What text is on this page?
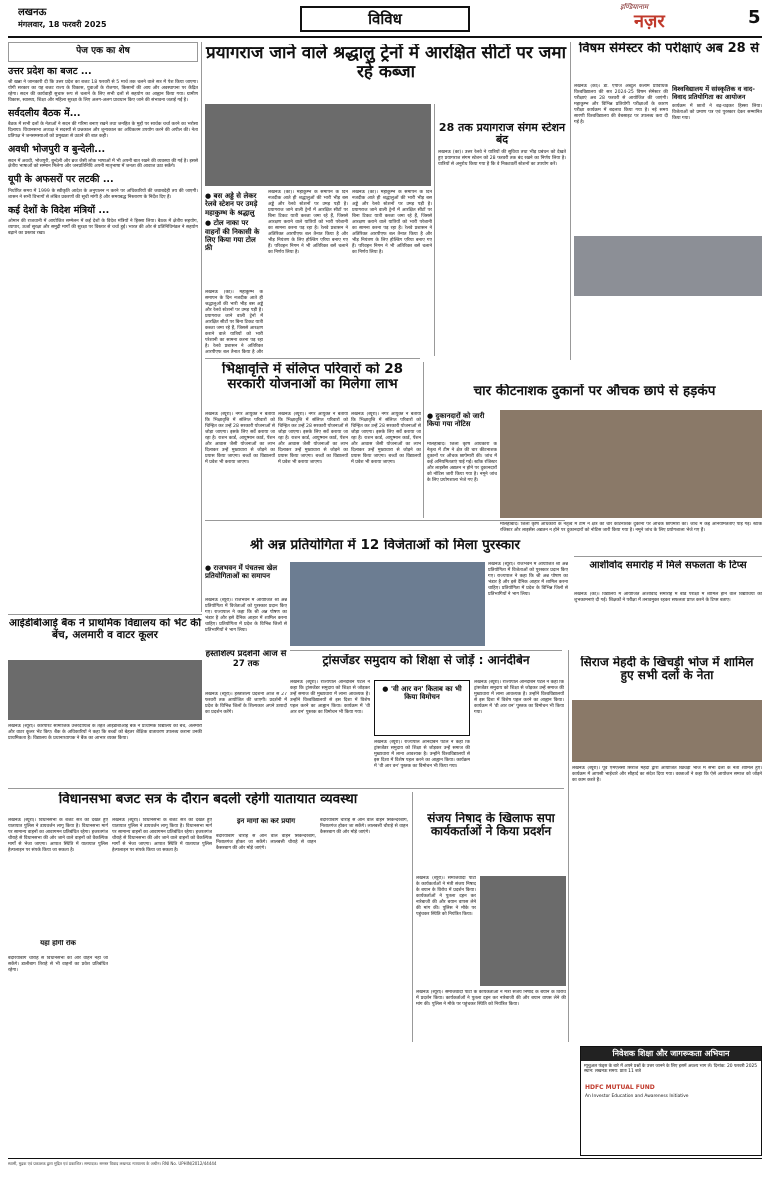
लखनऊ
मंगलवार, 18 फरवरी 2025	विविध
इण्डियानाम
नज़र	5
पेज एक का शेष
उत्तर प्रदेश का बजट ...
श्री खन्ना ने जानकारी दी कि उत्तर प्रदेश का बजट 18 फरवरी से 5 मार्च तक चलने वाले सत्र में पेश किया जाएगा। योगी सरकार का यह बजट राज्य के विकास, युवाओं के रोजगार, किसानों की आय और अवस्थापना पर केंद्रित रहेगा। सदन की कार्यवाही सुचारु रूप से चलाने के लिए सभी दलों से सहयोग का आह्वान किया गया। ग्रामीण विकास, स्वास्थ्य, शिक्षा और महिला सुरक्षा के लिए अलग-अलग प्रावधान किए जाने की संभावना जताई गई है।
सर्वदलीय बैठक में...
बैठक में सभी दलों के नेताओं ने सदन की गरिमा बनाए रखने तथा जनहित के मुद्दों पर सार्थक चर्चा करने का भरोसा दिलाया। विधानसभा अध्यक्ष ने सदस्यों से प्रश्नकाल और शून्यकाल का अधिकतम उपयोग करने की अपील की। नेता प्रतिपक्ष ने जनसमस्याओं को प्रमुखता से उठाने की बात कही।
अवधी भोजपुरी व बुन्देली...
सदन में अवधी, भोजपुरी, बुन्देली और ब्रज जैसी लोक भाषाओं में भी अपनी बात रखने की व्यवस्था की गई है। इससे क्षेत्रीय भाषाओं को सम्मान मिलेगा और जनप्रतिनिधि अपनी मातृभाषा में जनता की आवाज उठा सकेंगे।
यूपी के अफसरों पर लटकी ...
निर्धारित समय में 1999 के स्वीकृति आदेश के अनुपालन न करने पर अधिकारियों की जवाबदेही तय की जाएगी। शासन ने सभी विभागों से लंबित प्रकरणों की सूची मांगी है और समयबद्ध निस्तारण के निर्देश दिए हैं।
कई देशों के विदेश मंत्रियों ...
ओमान की राजधानी में आयोजित सम्मेलन में कई देशों के विदेश मंत्रियों ने हिस्सा लिया। बैठक में क्षेत्रीय सहयोग, व्यापार, ऊर्जा सुरक्षा और समुद्री मार्गों की सुरक्षा पर विस्तार से चर्चा हुई। भारत की ओर से प्रतिनिधिमंडल ने सहयोग बढ़ाने का प्रस्ताव रखा।
प्रयागराज जाने वाले श्रद्धालु ट्रेनों में आरक्षित सीटों पर जमा रहे कब्जा
● बस अड्डे से लेकर रेलवे स्टेशन पर उमड़े महाकुम्भ के श्रद्धालु
● टोल नाका पर वाहनों की निकासी के लिए किया गया टोल फ्री
लखनऊ (का)। महाकुम्भ के समापन के दिन नजदीक आते ही श्रद्धालुओं की भारी भीड़ बस अड्डे और रेलवे स्टेशनों पर उमड़ पड़ी है। प्रयागराज जाने वाली ट्रेनों में आरक्षित सीटों पर बिना टिकट यात्री कब्जा जमा रहे हैं, जिससे आरक्षण कराने वाले यात्रियों को भारी परेशानी का सामना करना पड़ रहा है। रेलवे प्रशासन ने अतिरिक्त आरपीएफ बल तैनात किया है और
लखनऊ (का)। महाकुम्भ के समापन के दिन नजदीक आते ही श्रद्धालुओं की भारी भीड़ बस अड्डे और रेलवे स्टेशनों पर उमड़ पड़ी है। प्रयागराज जाने वाली ट्रेनों में आरक्षित सीटों पर बिना टिकट यात्री कब्जा जमा रहे हैं, जिससे आरक्षण कराने वाले यात्रियों को भारी परेशानी का सामना करना पड़ रहा है। रेलवे प्रशासन ने अतिरिक्त आरपीएफ बल तैनात किया है और भीड़ नियंत्रण के लिए होल्डिंग एरिया बनाए गए हैं। परिवहन निगम ने भी अतिरिक्त बसें चलाने का निर्णय लिया है।
लखनऊ (का)। महाकुम्भ के समापन के दिन नजदीक आते ही श्रद्धालुओं की भारी भीड़ बस अड्डे और रेलवे स्टेशनों पर उमड़ पड़ी है। प्रयागराज जाने वाली ट्रेनों में आरक्षित सीटों पर बिना टिकट यात्री कब्जा जमा रहे हैं, जिससे आरक्षण कराने वाले यात्रियों को भारी परेशानी का सामना करना पड़ रहा है। रेलवे प्रशासन ने अतिरिक्त आरपीएफ बल तैनात किया है और भीड़ नियंत्रण के लिए होल्डिंग एरिया बनाए गए हैं। परिवहन निगम ने भी अतिरिक्त बसें चलाने का निर्णय लिया है।
28 तक प्रयागराज संगम स्टेशन बंद
लखनऊ (का)। उत्तर रेलवे ने यात्रियों की सुविधा तथा भीड़ प्रबंधन को देखते हुए प्रयागराज संगम स्टेशन को 28 फरवरी तक बंद रखने का निर्णय लिया है। यात्रियों से अनुरोध किया गया है कि वे निकटवर्ती स्टेशनों का उपयोग करें।
विषम सेमेस्टर की परीक्षाएं अब 28 से
लखनऊ (का)। डॉ. एपीजे अब्दुल कलाम प्राविधिक विश्वविद्यालय की सत्र 2024-25 विषम सेमेस्टर की परीक्षाएं अब 28 फरवरी से आयोजित की जाएंगी। महाकुम्भ और विभिन्न प्रतियोगी परीक्षाओं के कारण परीक्षा कार्यक्रम में बदलाव किया गया है। नई समय सारणी विश्वविद्यालय की वेबसाइट पर उपलब्ध करा दी गई है।
विश्वविद्यालय में सांस्कृतिक व वाद-विवाद प्रतियोगिता का आयोजन
कार्यक्रम में छात्रों ने बढ़-चढ़कर हिस्सा लिया। विजेताओं को प्रमाण पत्र एवं पुरस्कार देकर सम्मानित किया गया।
भिक्षावृत्ति में संलिप्त परिवारों को 28 सरकारी योजनाओं का मिलेगा लाभ
लखनऊ (ब्यूरो)। नगर आयुक्त ने बताया कि भिक्षावृत्ति में संलिप्त परिवारों को चिन्हित कर उन्हें 28 सरकारी योजनाओं से जोड़ा जाएगा। इसके लिए सर्वे कराया जा रहा है। राशन कार्ड, आयुष्मान कार्ड, पेंशन और आवास जैसी योजनाओं का लाभ दिलाकर उन्हें मुख्यधारा से जोड़ने का प्रयास किया जाएगा। बच्चों का विद्यालयों में प्रवेश भी कराया जाएगा।
लखनऊ (ब्यूरो)। नगर आयुक्त ने बताया कि भिक्षावृत्ति में संलिप्त परिवारों को चिन्हित कर उन्हें 28 सरकारी योजनाओं से जोड़ा जाएगा। इसके लिए सर्वे कराया जा रहा है। राशन कार्ड, आयुष्मान कार्ड, पेंशन और आवास जैसी योजनाओं का लाभ दिलाकर उन्हें मुख्यधारा से जोड़ने का प्रयास किया जाएगा। बच्चों का विद्यालयों में प्रवेश भी कराया जाएगा।
लखनऊ (ब्यूरो)। नगर आयुक्त ने बताया कि भिक्षावृत्ति में संलिप्त परिवारों को चिन्हित कर उन्हें 28 सरकारी योजनाओं से जोड़ा जाएगा। इसके लिए सर्वे कराया जा रहा है। राशन कार्ड, आयुष्मान कार्ड, पेंशन और आवास जैसी योजनाओं का लाभ दिलाकर उन्हें मुख्यधारा से जोड़ने का प्रयास किया जाएगा। बच्चों का विद्यालयों में प्रवेश भी कराया जाएगा।
चार कीटनाशक दुकानों पर औचक छापे से हड़कंप
● दुकानदारों को जारी किया गया नोटिस
मलिहाबाद। जिला कृषि अधिकारी के नेतृत्व में टीम ने क्षेत्र की चार कीटनाशक दुकानों पर औचक छापेमारी की। जांच में कई अनियमितताएं पाई गईं। स्टॉक रजिस्टर और लाइसेंस अद्यतन न होने पर दुकानदारों को नोटिस जारी किया गया है। नमूने जांच के लिए प्रयोगशाला भेजे गए हैं।
मलिहाबाद। जिला कृषि अधिकारी के नेतृत्व में टीम ने क्षेत्र की चार कीटनाशक दुकानों पर औचक छापेमारी की। जांच में कई अनियमितताएं पाई गईं। स्टॉक रजिस्टर और लाइसेंस अद्यतन न होने पर दुकानदारों को नोटिस जारी किया गया है। नमूने जांच के लिए प्रयोगशाला भेजे गए हैं।
आशीर्वाद समारोह में मिले सफलता के टिप्स
लखनऊ (का)। विद्यालय में आयोजित आशीर्वाद समारोह में बोर्ड परीक्षा में शामिल होने वाले विद्यार्थियों को शुभकामनाएं दी गईं। शिक्षकों ने परीक्षा में तनावमुक्त रहकर सफलता प्राप्त करने के टिप्स बताए।
श्री अन्न प्रतियोगिता में 12 विजेताओं को मिला पुरस्कार
● राजभवन में पंचतत्त्व खेल प्रतियोगिताओं का समापन
लखनऊ (ब्यूरो)। राजभवन में आयोजित श्री अन्न प्रतियोगिता में विजेताओं को पुरस्कार प्रदान किए गए। राज्यपाल ने कहा कि श्री अन्न पोषण का भंडार है और इसे दैनिक आहार में शामिल करना चाहिए। प्रतियोगिता में प्रदेश के विभिन्न जिलों से प्रतिभागियों ने भाग लिया।
लखनऊ (ब्यूरो)। राजभवन में आयोजित श्री अन्न प्रतियोगिता में विजेताओं को पुरस्कार प्रदान किए गए। राज्यपाल ने कहा कि श्री अन्न पोषण का भंडार है और इसे दैनिक आहार में शामिल करना चाहिए। प्रतियोगिता में प्रदेश के विभिन्न जिलों से प्रतिभागियों ने भाग लिया।
हस्तशिल्प प्रदर्शनी आज से 27 तक
लखनऊ (ब्यूरो)। हस्तशिल्प प्रदर्शनी आज से 27 फरवरी तक आयोजित की जाएगी। प्रदर्शनी में प्रदेश के विभिन्न जिलों के शिल्पकार अपने उत्पादों का प्रदर्शन करेंगे।
आईडीबीआई बैंक ने प्राथमिक विद्यालय को भेंट की बेंच, अलमारी व वाटर कूलर
लखनऊ (ब्यूरो)। कारपोरेट सामाजिक उत्तरदायित्व के तहत आईडीबीआई बैंक ने प्राथमिक विद्यालय को बेंच, अलमारी और वाटर कूलर भेंट किए। बैंक के अधिकारियों ने कहा कि बच्चों को बेहतर शैक्षिक वातावरण उपलब्ध कराना उनकी प्राथमिकता है। विद्यालय के प्रधानाध्यापक ने बैंक का आभार व्यक्त किया।
ट्रांसजेंडर समुदाय को शिक्षा से जोड़ें : आनंदीबेन
लखनऊ (ब्यूरो)। राज्यपाल आनंदीबेन पटेल ने कहा कि ट्रांसजेंडर समुदाय को शिक्षा से जोड़कर उन्हें समाज की मुख्यधारा में लाना आवश्यक है। उन्होंने विश्वविद्यालयों से इस दिशा में विशेष पहल करने का आह्वान किया। कार्यक्रम में 'वी आर वन' पुस्तक का विमोचन भी किया गया।
● 'वी आर वन' किताब का भी किया विमोचन
लखनऊ (ब्यूरो)। राज्यपाल आनंदीबेन पटेल ने कहा कि ट्रांसजेंडर समुदाय को शिक्षा से जोड़कर उन्हें समाज की मुख्यधारा में लाना आवश्यक है। उन्होंने विश्वविद्यालयों से इस दिशा में विशेष पहल करने का आह्वान किया। कार्यक्रम में 'वी आर वन' पुस्तक का विमोचन भी किया गया।
लखनऊ (ब्यूरो)। राज्यपाल आनंदीबेन पटेल ने कहा कि ट्रांसजेंडर समुदाय को शिक्षा से जोड़कर उन्हें समाज की मुख्यधारा में लाना आवश्यक है। उन्होंने विश्वविद्यालयों से इस दिशा में विशेष पहल करने का आह्वान किया। कार्यक्रम में 'वी आर वन' पुस्तक का विमोचन भी किया गया।
सिराज मेहदी के खिचड़ी भोज में शामिल हुए सभी दलों के नेता
लखनऊ (ब्यूरो)। पूर्व एमएलसी सिराज मेहदी द्वारा आयोजित खिचड़ी भोज में सभी दलों के नेता शामिल हुए। कार्यक्रम में आपसी भाईचारे और सौहार्द का संदेश दिया गया। वक्ताओं ने कहा कि ऐसे आयोजन समाज को जोड़ने का काम करते हैं।
विधानसभा बजट सत्र के दौरान बदली रहेगी यातायात व्यवस्था
लखनऊ (ब्यूरो)। विधानसभा के बजट सत्र को देखते हुए यातायात पुलिस ने डायवर्जन लागू किया है। विधानसभा मार्ग पर सामान्य वाहनों का आवागमन प्रतिबंधित रहेगा। हजरतगंज चौराहे से विधानसभा की ओर जाने वाले वाहनों को वैकल्पिक मार्गों से भेजा जाएगा। आपात स्थिति में यातायात पुलिस हेल्पलाइन पर संपर्क किया जा सकता है।
यहां होगी रोक
बंदरियाबाग चौराहे से विधानसभा की ओर वाहन नहीं जा सकेंगे। डालीबाग तिराहे से भी वाहनों का प्रवेश प्रतिबंधित रहेगा।
लखनऊ (ब्यूरो)। विधानसभा के बजट सत्र को देखते हुए यातायात पुलिस ने डायवर्जन लागू किया है। विधानसभा मार्ग पर सामान्य वाहनों का आवागमन प्रतिबंधित रहेगा। हजरतगंज चौराहे से विधानसभा की ओर जाने वाले वाहनों को वैकल्पिक मार्गों से भेजा जाएगा। आपात स्थिति में यातायात पुलिस हेल्पलाइन पर संपर्क किया जा सकता है।
इन मार्गों का करें प्रयोग
बंदरियाबाग चौराहे से आने वाले वाहन सिकन्दरबाग, निशातगंज होकर जा सकेंगे। लालबत्ती चौराहे से वाहन कैसरबाग की ओर मोड़े जाएंगे।
बंदरियाबाग चौराहे से आने वाले वाहन सिकन्दरबाग, निशातगंज होकर जा सकेंगे। लालबत्ती चौराहे से वाहन कैसरबाग की ओर मोड़े जाएंगे।
संजय निषाद के खिलाफ सपा कार्यकर्ताओं ने किया प्रदर्शन
लखनऊ (ब्यूरो)। समाजवादी पार्टी के कार्यकर्ताओं ने मंत्री संजय निषाद के बयान के विरोध में प्रदर्शन किया। कार्यकर्ताओं ने पुतला दहन कर नारेबाजी की और बयान वापस लेने की मांग की। पुलिस ने मौके पर पहुंचकर स्थिति को नियंत्रित किया।
लखनऊ (ब्यूरो)। समाजवादी पार्टी के कार्यकर्ताओं ने मंत्री संजय निषाद के बयान के विरोध में प्रदर्शन किया। कार्यकर्ताओं ने पुतला दहन कर नारेबाजी की और बयान वापस लेने की मांग की। पुलिस ने मौके पर पहुंचकर स्थिति को नियंत्रित किया।
निवेशक शिक्षा और जागरूकता अभियान
म्यूचुअल फंड्स के बारे में अपने प्रश्नों के उत्तर जानने के लिए इसमें अवश्य भाग लें। दिनांक: 20 फरवरी 2025 स्थान: लखनऊ समय: प्रातः 11 बजे
HDFC MUTUAL FUND
An Investor Education and Awareness Initiative
स्वामी, मुद्रक एवं प्रकाशक द्वारा मुद्रित एवं प्रकाशित। सम्पादक। समस्त विवाद लखनऊ न्यायालय के अधीन। RNI No. UPHIN/2012/44444
